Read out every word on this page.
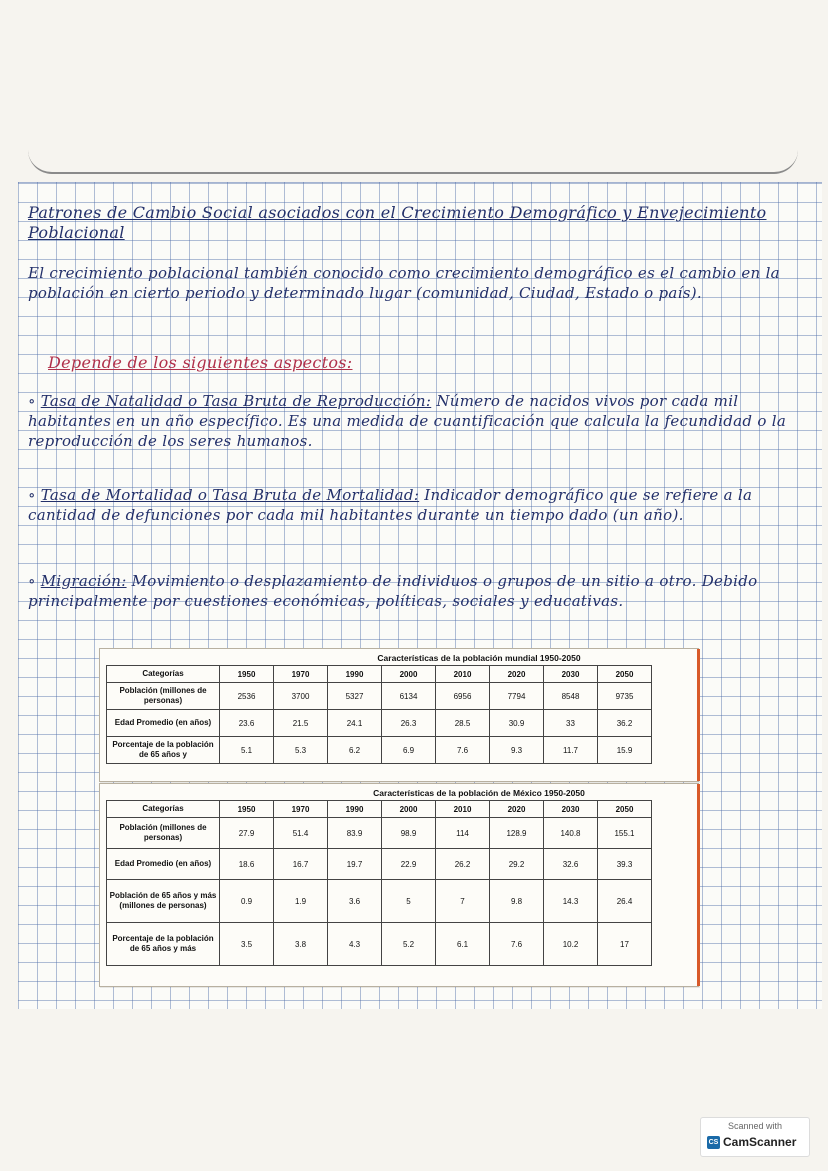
Patrones de Cambio Social asociados con el Crecimiento Demográfico y Envejecimiento Poblacional
El crecimiento poblacional también conocido como crecimiento demográfico es el cambio en la población en cierto periodo y determinado lugar (comunidad, Ciudad, Estado o país).
Depende de los siguientes aspectos:
∘ Tasa de Natalidad o Tasa Bruta de Reproducción: Número de nacidos vivos por cada mil habitantes en un año específico. Es una medida de cuantificación que calcula la fecundidad o la reproducción de los seres humanos.
∘ Tasa de Mortalidad o Tasa Bruta de Mortalidad: Indicador demográfico que se refiere a la cantidad de defunciones por cada mil habitantes durante un tiempo dado (un año).
∘ Migración: Movimiento o desplazamiento de individuos o grupos de un sitio a otro. Debido principalmente por cuestiones económicas, políticas, sociales y educativas.
Características de la población mundial 1950-2050
Categorías	1950	1970	1990	2000	2010	2020	2030	2050
Población (millones de personas)	2536	3700	5327	6134	6956	7794	8548	9735
Edad Promedio (en años)	23.6	21.5	24.1	26.3	28.5	30.9	33	36.2
Porcentaje de la población de 65 años y	5.1	5.3	6.2	6.9	7.6	9.3	11.7	15.9
Características de la población de México 1950-2050
Categorías	1950	1970	1990	2000	2010	2020	2030	2050
Población (millones de personas)	27.9	51.4	83.9	98.9	114	128.9	140.8	155.1
Edad Promedio (en años)	18.6	16.7	19.7	22.9	26.2	29.2	32.6	39.3
Población de 65 años y más (millones de personas)	0.9	1.9	3.6	5	7	9.8	14.3	26.4
Porcentaje de la población de 65 años y más	3.5	3.8	4.3	5.2	6.1	7.6	10.2	17
Scanned with
CS CamScanner
